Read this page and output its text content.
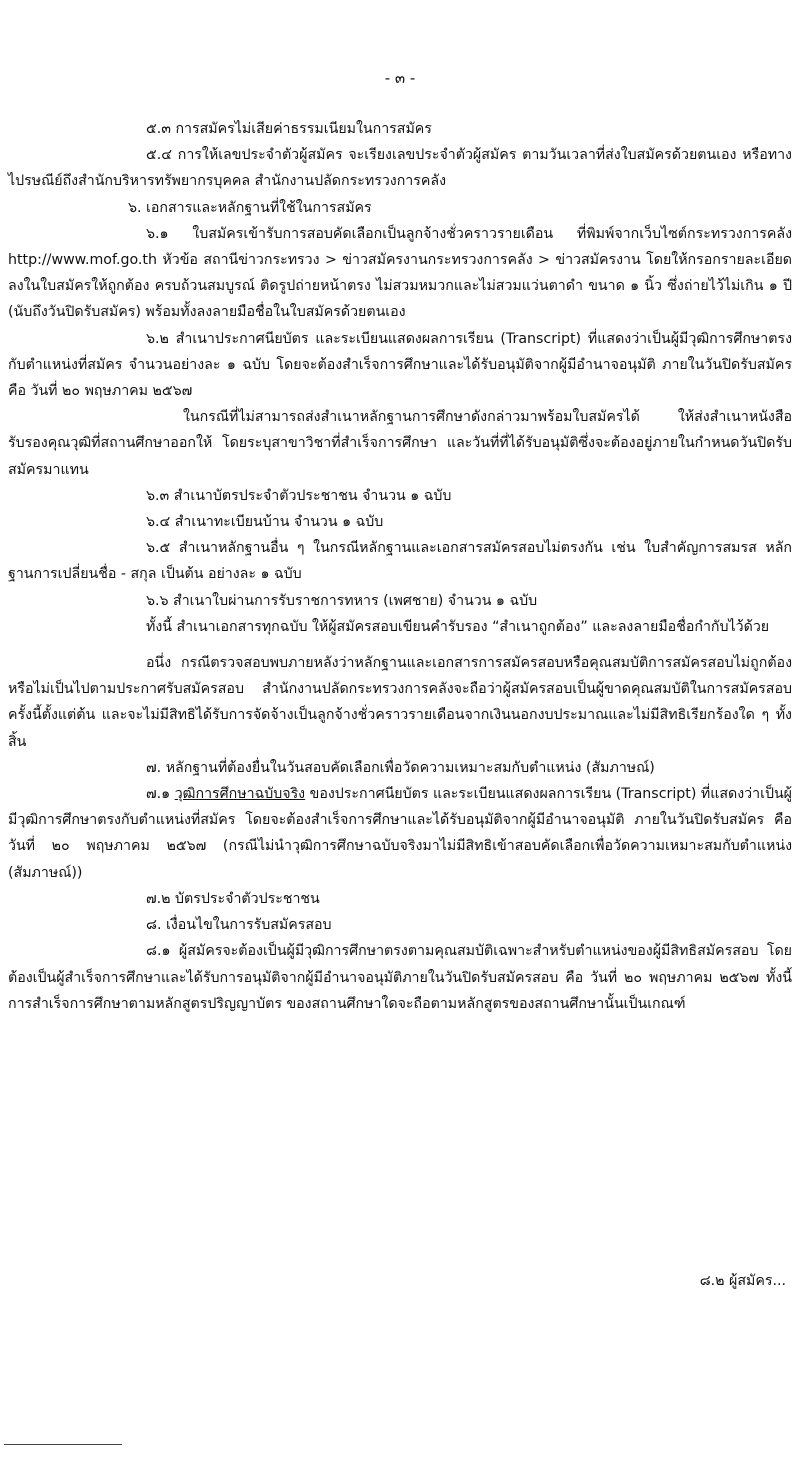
- ๓ -

๕.๓ การสมัครไม่เสียค่าธรรมเนียมในการสมัคร

๕.๔ การให้เลขประจำตัวผู้สมัคร จะเรียงเลขประจำตัวผู้สมัคร ตามวันเวลาที่ส่งใบสมัครด้วยตนเอง หรือทางไปรษณีย์ถึงสำนักบริหารทรัพยากรบุคคล สำนักงานปลัดกระทรวงการคลัง

๖. เอกสารและหลักฐานที่ใช้ในการสมัคร

๖.๑ ใบสมัครเข้ารับการสอบคัดเลือกเป็นลูกจ้างชั่วคราวรายเดือน ที่พิมพ์จากเว็บไซต์กระทรวงการคลัง http://www.mof.go.th หัวข้อ สถานีข่าวกระทรวง > ข่าวสมัครงานกระทรวงการคลัง > ข่าวสมัครงาน โดยให้กรอกรายละเอียดลงในใบสมัครให้ถูกต้อง ครบถ้วนสมบูรณ์ ติดรูปถ่ายหน้าตรง ไม่สวมหมวกและไม่สวมแว่นตาดำ ขนาด ๑ นิ้ว ซึ่งถ่ายไว้ไม่เกิน ๑ ปี (นับถึงวันปิดรับสมัคร) พร้อมทั้งลงลายมือชื่อในใบสมัครด้วยตนเอง

๖.๒ สำเนาประกาศนียบัตร และระเบียนแสดงผลการเรียน (Transcript) ที่แสดงว่าเป็นผู้มีวุฒิการศึกษาตรงกับตำแหน่งที่สมัคร จำนวนอย่างละ ๑ ฉบับ โดยจะต้องสำเร็จการศึกษาและได้รับอนุมัติจากผู้มีอำนาจอนุมัติ ภายในวันปิดรับสมัคร คือ วันที่ ๒๐ พฤษภาคม ๒๕๖๗

ในกรณีที่ไม่สามารถส่งสำเนาหลักฐานการศึกษาดังกล่าวมาพร้อมใบสมัครได้ ให้ส่งสำเนาหนังสือรับรองคุณวุฒิที่สถานศึกษาออกให้ โดยระบุสาขาวิชาที่สำเร็จการศึกษา และวันที่ที่ได้รับอนุมัติซึ่งจะต้องอยู่ภายในกำหนดวันปิดรับสมัครมาแทน

๖.๓ สำเนาบัตรประจำตัวประชาชน จำนวน ๑ ฉบับ

๖.๔ สำเนาทะเบียนบ้าน จำนวน ๑ ฉบับ

๖.๕ สำเนาหลักฐานอื่น ๆ ในกรณีหลักฐานและเอกสารสมัครสอบไม่ตรงกัน เช่น ใบสำคัญการสมรส หลักฐานการเปลี่ยนชื่อ - สกุล เป็นต้น อย่างละ ๑ ฉบับ

๖.๖ สำเนาใบผ่านการรับราชการทหาร (เพศชาย) จำนวน ๑ ฉบับ

ทั้งนี้ สำเนาเอกสารทุกฉบับ ให้ผู้สมัครสอบเขียนคำรับรอง “สำเนาถูกต้อง” และลงลายมือชื่อกำกับไว้ด้วย

อนึ่ง กรณีตรวจสอบพบภายหลังว่าหลักฐานและเอกสารการสมัครสอบหรือคุณสมบัติการสมัครสอบไม่ถูกต้อง หรือไม่เป็นไปตามประกาศรับสมัครสอบ สำนักงานปลัดกระทรวงการคลังจะถือว่าผู้สมัครสอบเป็นผู้ขาดคุณสมบัติในการสมัครสอบครั้งนี้ตั้งแต่ต้น และจะไม่มีสิทธิได้รับการจัดจ้างเป็นลูกจ้างชั่วคราวรายเดือนจากเงินนอกงบประมาณและไม่มีสิทธิเรียกร้องใด ๆ ทั้งสิ้น

๗. หลักฐานที่ต้องยื่นในวันสอบคัดเลือกเพื่อวัดความเหมาะสมกับตำแหน่ง (สัมภาษณ์)

๗.๑ วุฒิการศึกษาฉบับจริง ของประกาศนียบัตร และระเบียนแสดงผลการเรียน (Transcript) ที่แสดงว่าเป็นผู้มีวุฒิการศึกษาตรงกับตำแหน่งที่สมัคร โดยจะต้องสำเร็จการศึกษาและได้รับอนุมัติจากผู้มีอำนาจอนุมัติ ภายในวันปิดรับสมัคร คือ วันที่ ๒๐ พฤษภาคม ๒๕๖๗ (กรณีไม่นำวุฒิการศึกษาฉบับจริงมาไม่มีสิทธิเข้าสอบคัดเลือกเพื่อวัดความเหมาะสมกับตำแหน่ง (สัมภาษณ์))

๗.๒ บัตรประจำตัวประชาชน

๘. เงื่อนไขในการรับสมัครสอบ

๘.๑ ผู้สมัครจะต้องเป็นผู้มีวุฒิการศึกษาตรงตามคุณสมบัติเฉพาะสำหรับตำแหน่งของผู้มีสิทธิสมัครสอบ โดยต้องเป็นผู้สำเร็จการศึกษาและได้รับการอนุมัติจากผู้มีอำนาจอนุมัติภายในวันปิดรับสมัครสอบ คือ วันที่ ๒๐ พฤษภาคม ๒๕๖๗ ทั้งนี้ การสำเร็จการศึกษาตามหลักสูตรปริญญาบัตร ของสถานศึกษาใดจะถือตามหลักสูตรของสถานศึกษานั้นเป็นเกณฑ์

๘.๒ ผู้สมัคร...
